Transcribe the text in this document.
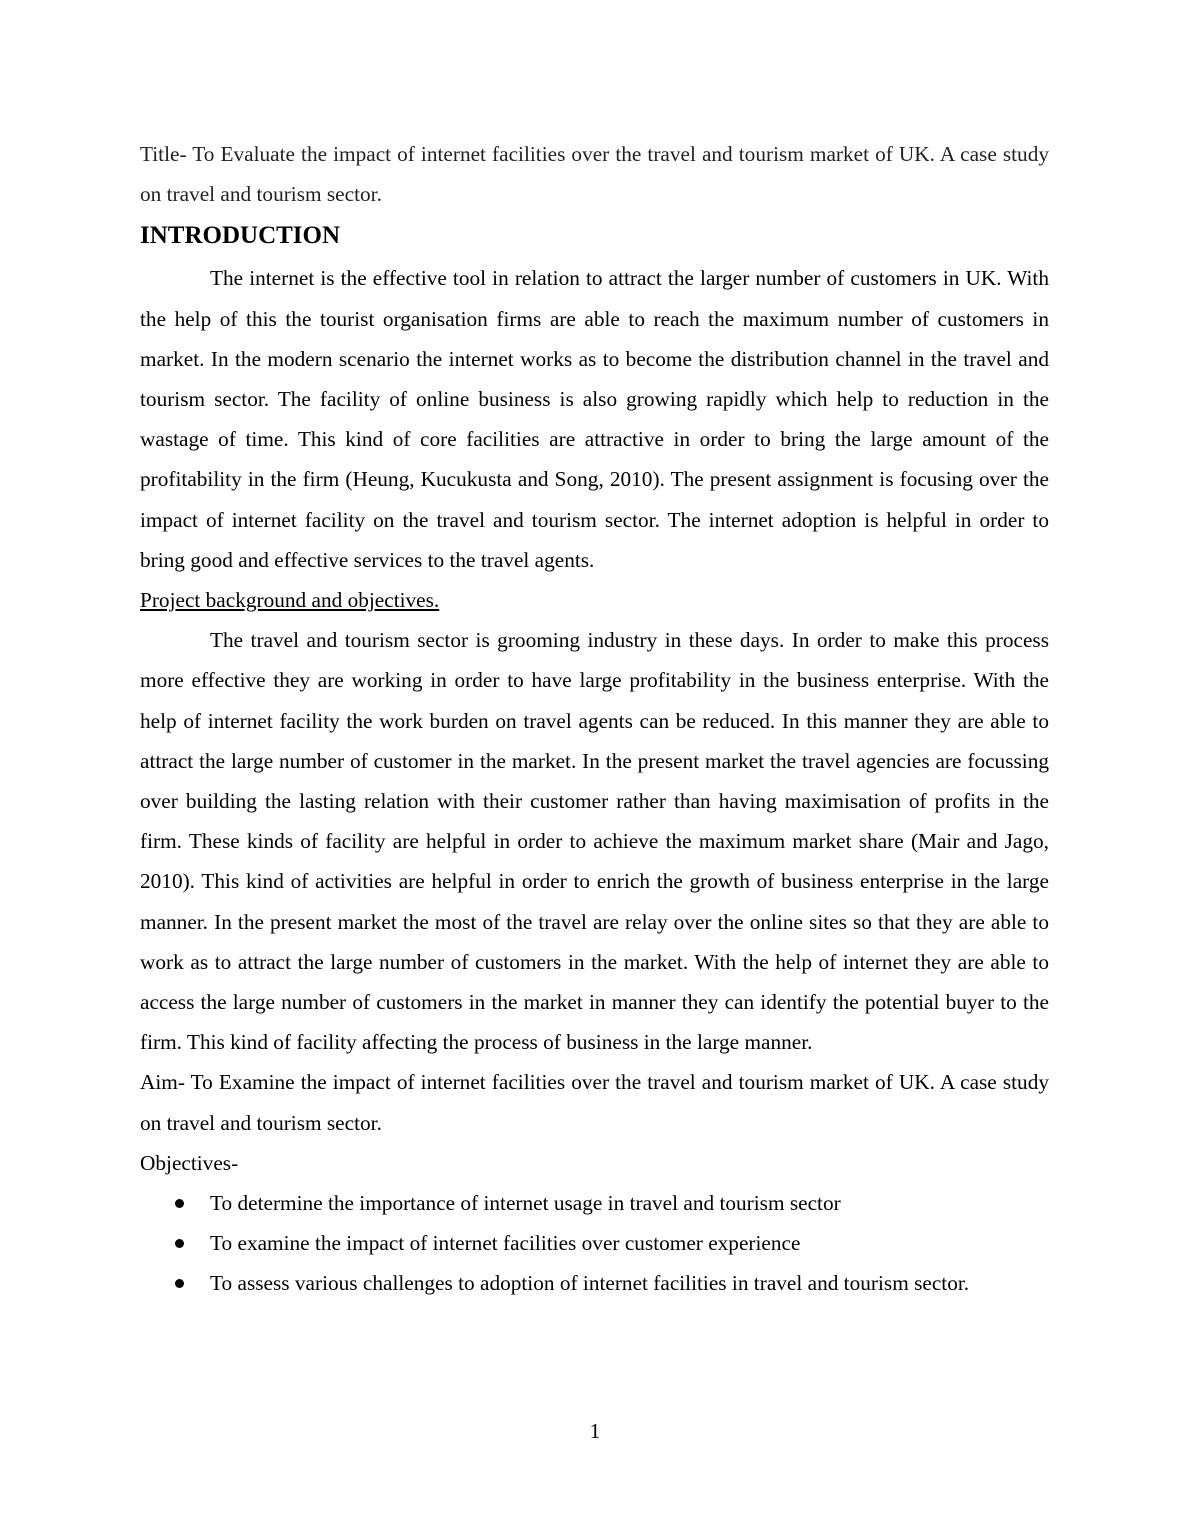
Title- To Evaluate the impact of internet facilities over the travel and tourism market of UK. A case study on travel and tourism sector.

INTRODUCTION

The internet is the effective tool in relation to attract the larger number of customers in UK. With the help of this the tourist organisation firms are able to reach the maximum number of customers in market. In the modern scenario the internet works as to become the distribution channel in the travel and tourism sector. The facility of online business is also growing rapidly which help to reduction in the wastage of time. This kind of core facilities are attractive in order to bring the large amount of the profitability in the firm (Heung, Kucukusta and Song, 2010). The present assignment is focusing over the impact of internet facility on the travel and tourism sector. The internet adoption is helpful in order to bring good and effective services to the travel agents.

Project background and objectives.

The travel and tourism sector is grooming industry in these days. In order to make this process more effective they are working in order to have large profitability in the business enterprise. With the help of internet facility the work burden on travel agents can be reduced. In this manner they are able to attract the large number of customer in the market. In the present market the travel agencies are focussing over building the lasting relation with their customer rather than having maximisation of profits in the firm. These kinds of facility are helpful in order to achieve the maximum market share (Mair and Jago, 2010). This kind of activities are helpful in order to enrich the growth of business enterprise in the large manner. In the present market the most of the travel are relay over the online sites so that they are able to work as to attract the large number of customers in the market. With the help of internet they are able to access the large number of customers in the market in manner they can identify the potential buyer to the firm. This kind of facility affecting the process of business in the large manner.

Aim- To Examine the impact of internet facilities over the travel and tourism market of UK. A case study on travel and tourism sector.

Objectives-

To determine the importance of internet usage in travel and tourism sector
To examine the impact of internet facilities over customer experience
To assess various challenges to adoption of internet facilities in travel and tourism sector.
1
